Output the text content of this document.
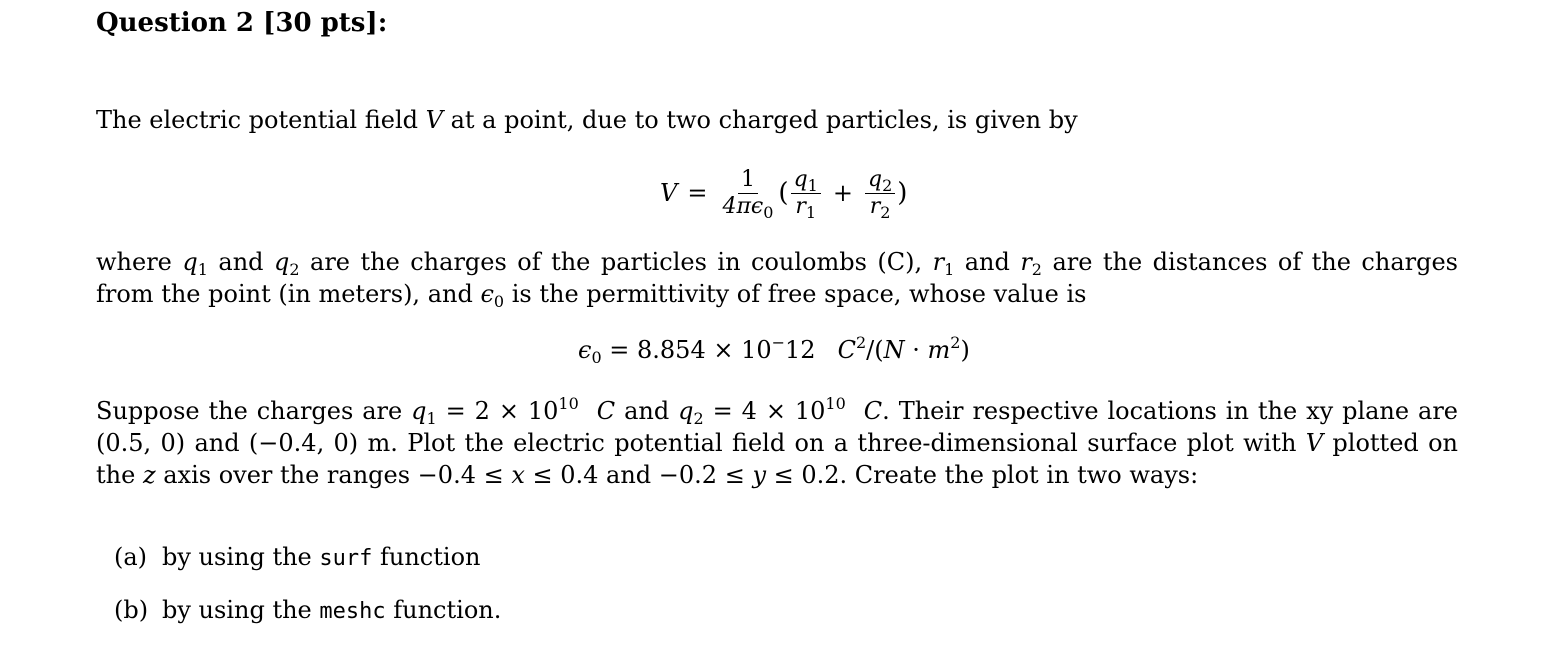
Question 2 [30 pts]:
The electric potential field V at a point, due to two charged particles, is given by
$V = \frac{1}{4\pi\epsilon_0}$ ( $\frac{q_1}{r_1} + \frac{q_2}{r_2}$ )
where $q_1$ and $q_2$ are the charges of the particles in coulombs (C), $r_1$ and $r_2$ are the distances of the charges from the point (in meters), and $\epsilon_0$ is the permittivity of free space, whose value is
$\epsilon_0 = 8.854 \times 10^-12$ $C^2/(N \cdot m^2)$
Suppose the charges are $q_1 = 2 \times 10^{10}$ C and $q_2 = 4 \times 10^{10}$ C. Their respective locations in the xy plane are (0.5, 0) and (−0.4, 0) m. Plot the electric potential field on a three-dimensional surface plot with V plotted on the z axis over the ranges −0.4 ≤ x ≤ 0.4 and −0.2 ≤ y ≤ 0.2. Create the plot in two ways:
(a) by using the surf function
(b) by using the meshc function.
